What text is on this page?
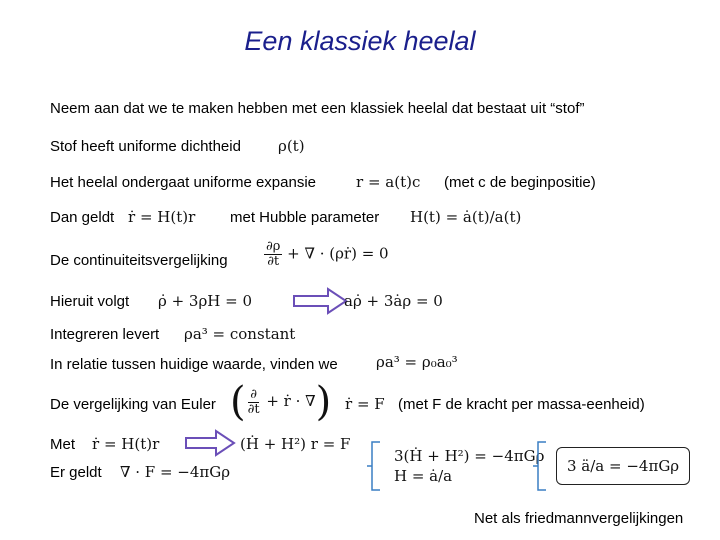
Een klassiek heelal
Neem aan dat we te maken hebben met een klassiek heelal dat bestaat uit “stof”
Stof heeft uniforme dichtheid ρ(t)
Het heelal ondergaat uniforme expansie	r = a(t)c (met c de beginpositie)
Dan geldt ṙ = H(t)r met Hubble parameter H(t) = ȧ(t)/a(t)
De continuiteitsvergelijking	$\frac{\partial\rho}{\partial t}$ + ∇ · (ρṙ) = 0
Hieruit volgt ρ̇ + 3ρH = 0	aρ̇ + 3ȧρ = 0
Integreren levert ρa³ = constant
In relatie tussen huidige waarde, vinden we	ρa³ = ρ₀a₀³
De vergelijking van Euler ( $\frac{\partial}{\partial t}$ + ṙ · ∇) ṙ = F (met F de kracht per massa-eenheid)
Met ṙ = H(t)r	(Ḣ + H²) r = F
Er geldt ∇ · F = −4πGρ
3(Ḣ + H²) = −4πGρ
H = ȧ/a
3 ä/a = −4πGρ
Net als friedmannvergelijkingen
